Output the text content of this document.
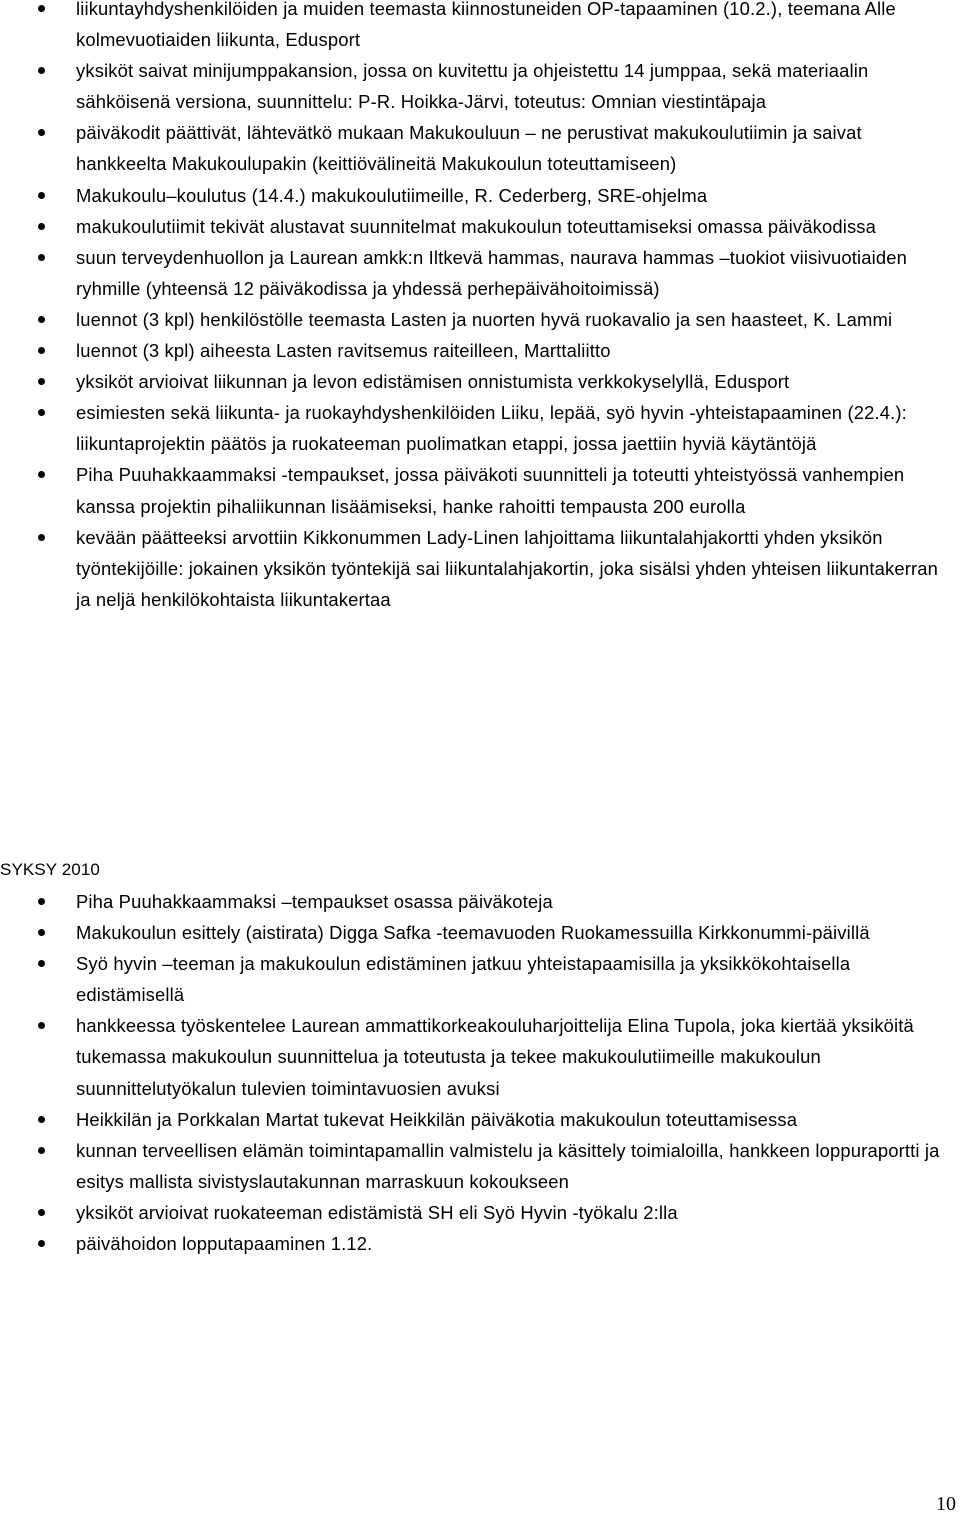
liikuntayhdyshenkilöiden ja muiden teemasta kiinnostuneiden OP-tapaaminen (10.2.), teemana Alle kolmevuotiaiden liikunta, Edusport
yksiköt saivat minijumppakansion, jossa on kuvitettu ja ohjeistettu 14 jumppaa, sekä materiaalin sähköisenä versiona, suunnittelu: P-R. Hoikka-Järvi, toteutus: Omnian viestintäpaja
päiväkodit päättivät, lähtevätkö mukaan Makukouluun – ne perustivat makukoulutiimin ja saivat hankkeelta Makukoulupakin (keittiövälineitä Makukoulun toteuttamiseen)
Makukoulu–koulutus (14.4.) makukoulutiimeille, R. Cederberg, SRE-ohjelma
makukoulutiimit tekivät alustavat suunnitelmat makukoulun toteuttamiseksi omassa päiväkodissa
suun terveydenhuollon ja Laurean amkk:n Iltkevä hammas, nauravа hammas –tuokiot viisivuotiaiden ryhmille (yhteensä 12 päiväkodissa ja yhdessä perhepäivähoitoimissä)
luennot (3 kpl) henkilöstölle teemasta Lasten ja nuorten hyvä ruokavalio ja sen haasteet, K. Lammi
luennot (3 kpl) aiheesta Lasten ravitsemus raiteilleen, Marttaliitto
yksiköt arvioivat liikunnan ja levon edistämisen onnistumista verkkokyselyllä, Edusport
esimiesten sekä liikunta- ja ruokayhdyshenkilöiden Liiku, lepää, syö hyvin -yhteistapaaminen (22.4.): liikuntaprojektin päätös ja ruokateeman puolimatkan etappi, jossa jaettiin hyviä käytäntöjä
Piha Puuhakkaammaksi -tempaukset, jossa päiväkoti suunnitteli ja toteutti yhteistyössä vanhempien kanssa projektin pihaliikunnan lisäämiseksi, hanke rahoitti tempausta 200 eurolla
kevään päätteeksi arvottiin Kikkonummen Lady-Linen lahjoittama liikuntalahjakortti yhden yksikön työntekijöille: jokainen yksikön työntekijä sai liikuntalahjakortin, joka sisälsi yhden yhteisen liikuntakerran ja neljä henkilökohtaista liikuntakertaa
SYKSY 2010
Piha Puuhakkaammaksi –tempaukset osassa päiväkoteja
Makukoulun esittely (aistirata) Digga Safka -teemavuoden Ruokamessuilla Kirkkonummi-päivillä
Syö hyvin –teeman ja makukoulun edistäminen jatkuu yhteistapaamisilla ja yksikkökohtaisella edistämisellä
hankkeessa työskentelee Laurean ammattikorkeakouluharjoittelija Elina Tupola, joka kiertää yksiköitä tukemassa makukoulun suunnittelua ja toteutusta ja tekee makukoulutiimeille makukoulun suunnittelutyökalun tulevien toimintavuosien avuksi
Heikkilän ja Porkkalan Martat tukevat Heikkilän päiväkotia makukoulun toteuttamisessa
kunnan terveellisen elämän toimintapamallin valmistelu ja käsittely toimialoilla, hankkeen loppuraportti ja esitys mallista sivistyslautakunnan marraskuun kokoukseen
yksiköt arvioivat ruokateeman edistämistä SH eli Syö Hyvin -työkalu 2:lla
päivähoidon lopputapaaminen 1.12.
10
